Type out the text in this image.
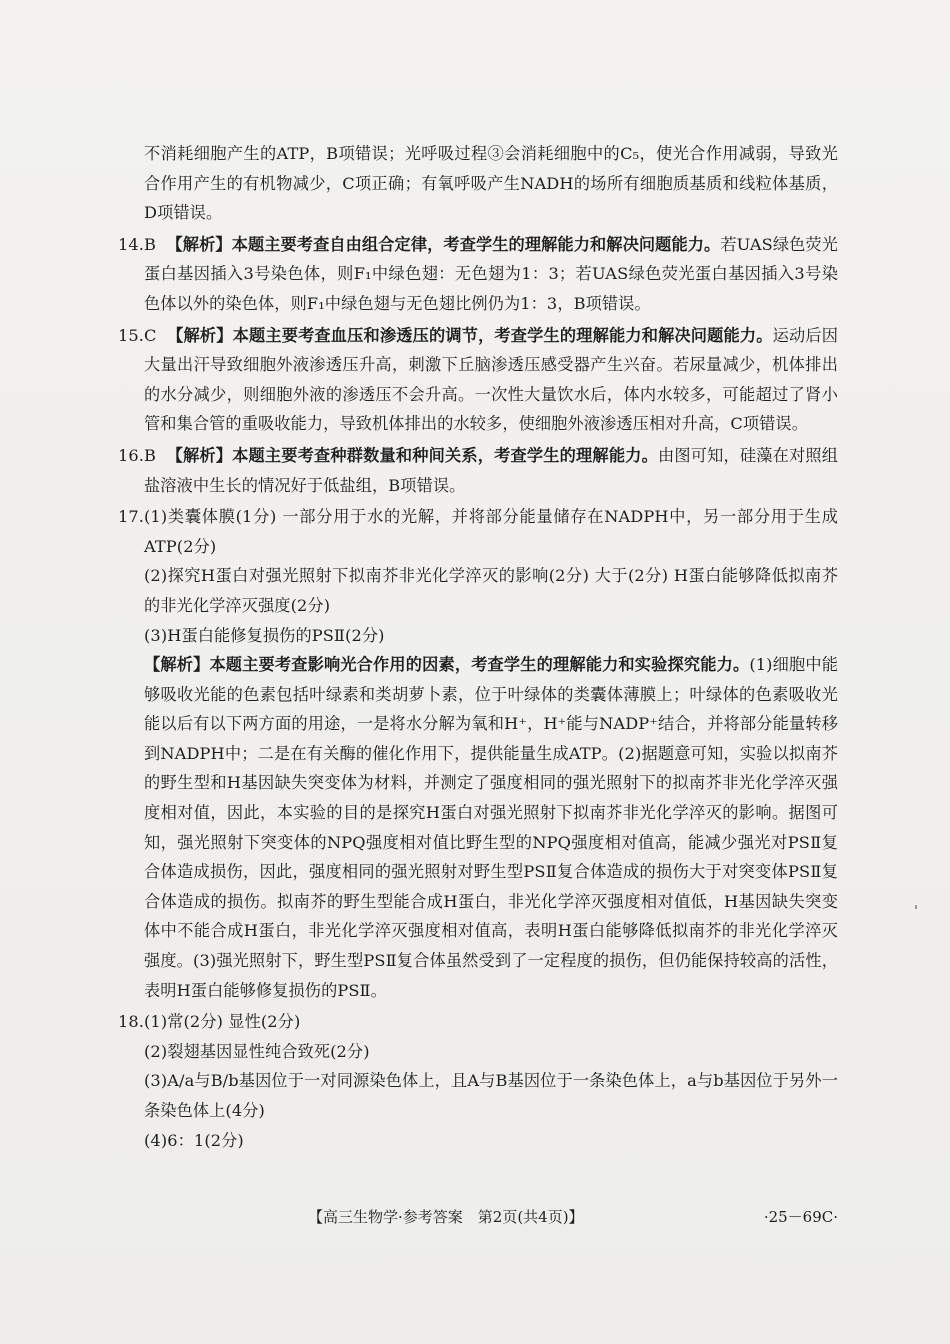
不消耗细胞产生的ATP，B项错误；光呼吸过程③会消耗细胞中的C₅，使光合作用减弱，导致光合作用产生的有机物减少，C项正确；有氧呼吸产生NADH的场所有细胞质基质和线粒体基质，D项错误。

14. B 【解析】本题主要考查自由组合定律，考查学生的理解能力和解决问题能力。若UAS绿色荧光蛋白基因插入3号染色体，则F₁中绿色翅：无色翅为1：3；若UAS绿色荧光蛋白基因插入3号染色体以外的染色体，则F₁中绿色翅与无色翅比例仍为1：3，B项错误。

15. C 【解析】本题主要考查血压和渗透压的调节，考查学生的理解能力和解决问题能力。运动后因大量出汗导致细胞外液渗透压升高，刺激下丘脑渗透压感受器产生兴奋。若尿量减少，机体排出的水分减少，则细胞外液的渗透压不会升高。一次性大量饮水后，体内水较多，可能超过了肾小管和集合管的重吸收能力，导致机体排出的水较多，使细胞外液渗透压相对升高，C项错误。

16. B 【解析】本题主要考查种群数量和种间关系，考查学生的理解能力。由图可知，硅藻在对照组盐溶液中生长的情况好于低盐组，B项错误。

17. (1)类囊体膜(1分) 一部分用于水的光解，并将部分能量储存在NADPH中，另一部分用于生成ATP(2分)

(2)探究H蛋白对强光照射下拟南芥非光化学淬灭的影响(2分) 大于(2分) H蛋白能够降低拟南芥的非光化学淬灭强度(2分)

(3)H蛋白能修复损伤的PSⅡ(2分)

【解析】本题主要考查影响光合作用的因素，考查学生的理解能力和实验探究能力。(1)细胞中能够吸收光能的色素包括叶绿素和类胡萝卜素，位于叶绿体的类囊体薄膜上；叶绿体的色素吸收光能以后有以下两方面的用途，一是将水分解为氧和H⁺，H⁺能与NADP⁺结合，并将部分能量转移到NADPH中；二是在有关酶的催化作用下，提供能量生成ATP。(2)据题意可知，实验以拟南芥的野生型和H基因缺失突变体为材料，并测定了强度相同的强光照射下的拟南芥非光化学淬灭强度相对值，因此，本实验的目的是探究H蛋白对强光照射下拟南芥非光化学淬灭的影响。据图可知，强光照射下突变体的NPQ强度相对值比野生型的NPQ强度相对值高，能减少强光对PSⅡ复合体造成损伤，因此，强度相同的强光照射对野生型PSⅡ复合体造成的损伤大于对突变体PSⅡ复合体造成的损伤。拟南芥的野生型能合成H蛋白，非光化学淬灭强度相对值低，H基因缺失突变体中不能合成H蛋白，非光化学淬灭强度相对值高，表明H蛋白能够降低拟南芥的非光化学淬灭强度。(3)强光照射下，野生型PSⅡ复合体虽然受到了一定程度的损伤，但仍能保持较高的活性，表明H蛋白能够修复损伤的PSⅡ。

18. (1)常(2分) 显性(2分)

(2)裂翅基因显性纯合致死(2分)

(3)A/a与B/b基因位于一对同源染色体上，且A与B基因位于一条染色体上，a与b基因位于另外一条染色体上(4分)

(4)6：1(2分)

【高三生物学·参考答案　第2页(共4页)】	·25－69C·
